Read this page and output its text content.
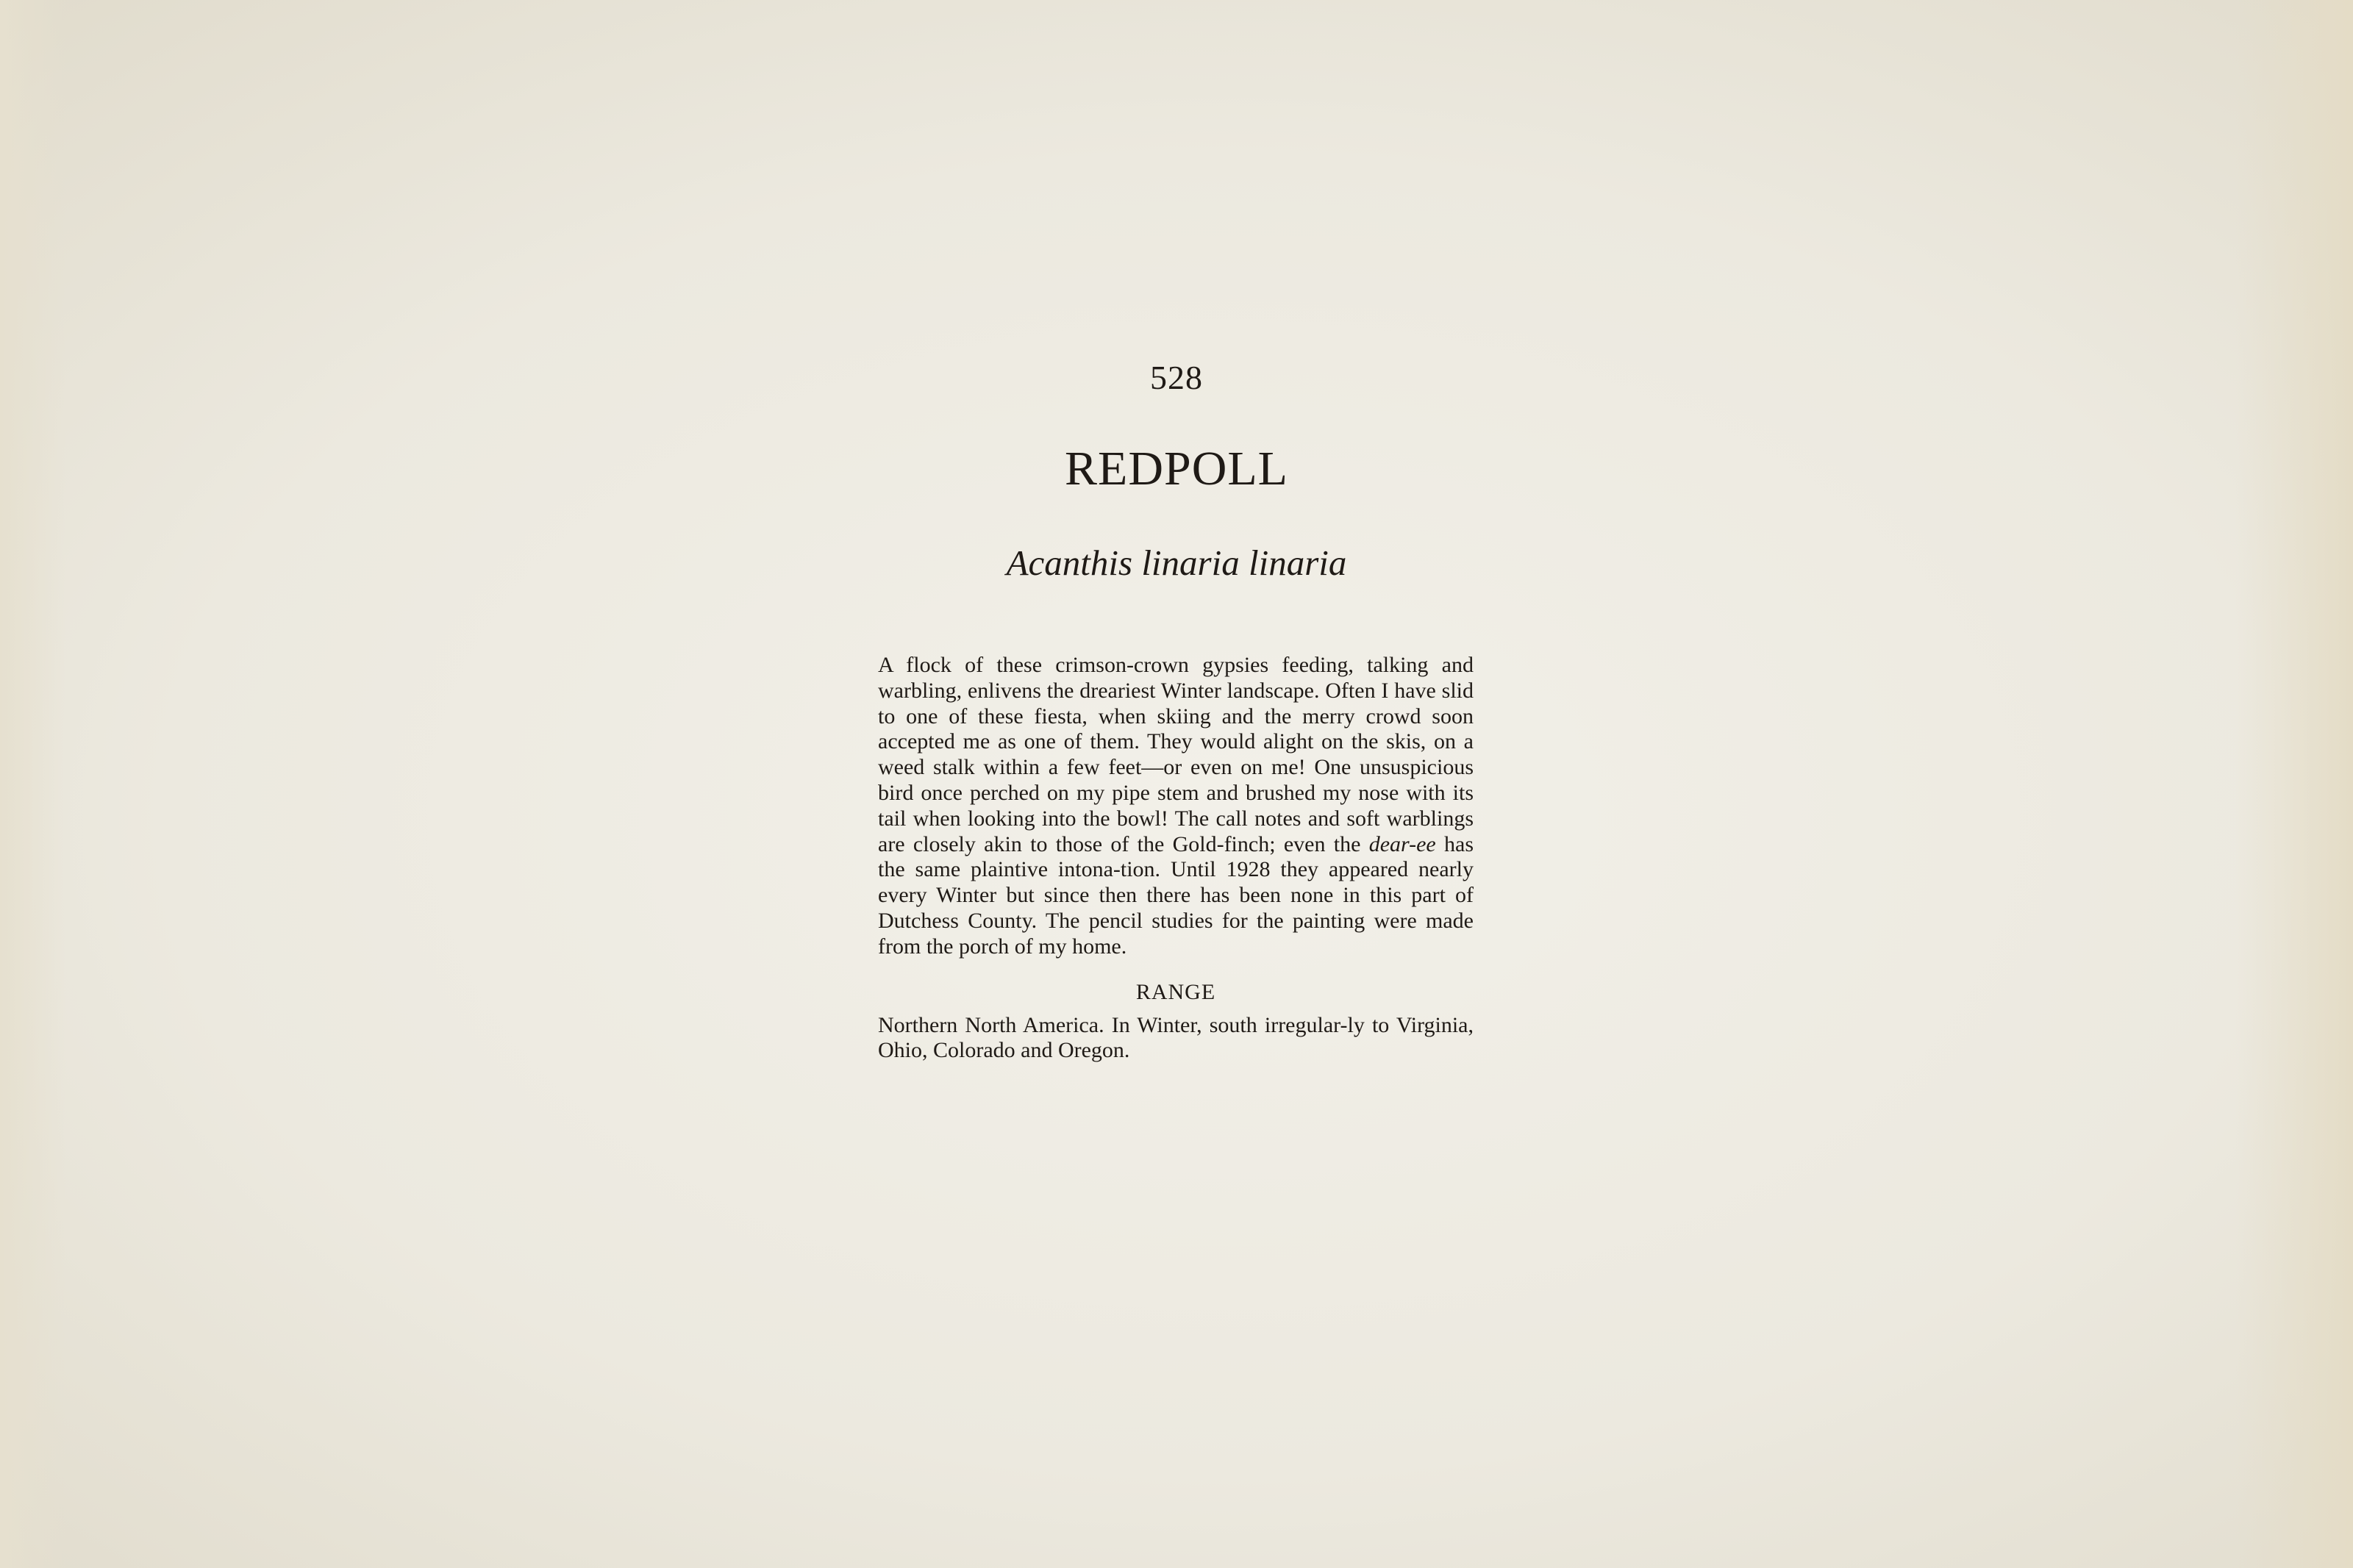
528
REDPOLL
Acanthis linaria linaria

A flock of these crimson-crown gypsies feeding, talking and warbling, enlivens the dreariest Winter landscape. Often I have slid to one of these fiesta, when skiing and the merry crowd soon accepted me as one of them. They would alight on the skis, on a weed stalk within a few feet—or even on me! One unsuspicious bird once perched on my pipe stem and brushed my nose with its tail when looking into the bowl! The call notes and soft warblings are closely akin to those of the Gold-finch; even the dear-ee has the same plaintive intona-tion. Until 1928 they appeared nearly every Winter but since then there has been none in this part of Dutchess County. The pencil studies for the painting were made from the porch of my home.

RANGE

Northern North America. In Winter, south irregular-ly to Virginia, Ohio, Colorado and Oregon.
